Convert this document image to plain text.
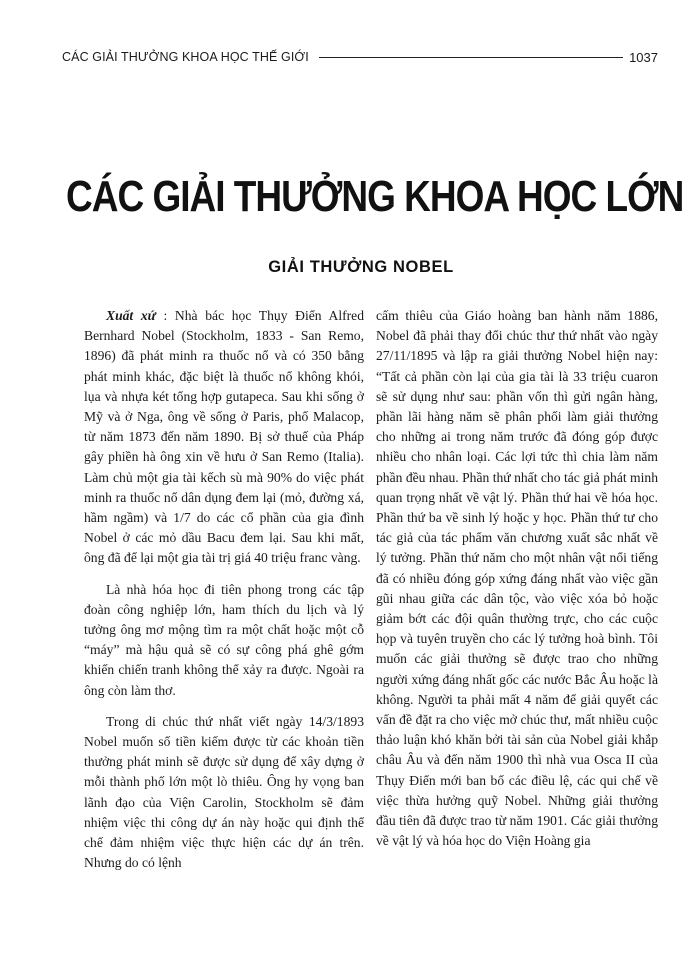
CÁC GIẢI THƯỞNG KHOA HỌC THẾ GIỚI	1037
CÁC GIẢI THƯỞNG KHOA HỌC LỚN
GIẢI THƯỞNG NOBEL

Xuất xứ : Nhà bác học Thụy Điển Alfred Bernhard Nobel (Stockholm, 1833 - San Remo, 1896) đã phát minh ra thuốc nổ và có 350 bằng phát minh khác, đặc biệt là thuốc nổ không khói, lụa và nhựa két tổng hợp gutapeca. Sau khi sống ở Mỹ và ở Nga, ông về sống ở Paris, phố Malacop, từ năm 1873 đến năm 1890. Bị sở thuế của Pháp gây phiền hà ông xin về hưu ở San Remo (Italia). Làm chủ một gia tài kếch sù mà 90% do việc phát minh ra thuốc nổ dân dụng đem lại (mỏ, đường xá, hầm ngầm) và 1/7 do các cổ phần của gia đình Nobel ở các mỏ dầu Bacu đem lại. Sau khi mất, ông đã để lại một gia tài trị giá 40 triệu franc vàng.

Là nhà hóa học đi tiên phong trong các tập đoàn công nghiệp lớn, ham thích du lịch và lý tưởng ông mơ mộng tìm ra một chất hoặc một cỗ “máy” mà hậu quả sẽ có sự công phá ghê gớm khiến chiến tranh không thể xảy ra được. Ngoài ra ông còn làm thơ.

Trong di chúc thứ nhất viết ngày 14/3/1893 Nobel muốn số tiền kiếm được từ các khoản tiền thưởng phát minh sẽ được sử dụng để xây dựng ở mỗi thành phố lớn một lò thiêu. Ông hy vọng ban lãnh đạo của Viện Carolin, Stockholm sẽ đảm nhiệm việc thi công dự án này hoặc qui định thể chế đảm nhiệm việc thực hiện các dự án trên. Nhưng do có lệnh

cấm thiêu của Giáo hoàng ban hành năm 1886, Nobel đã phải thay đổi chúc thư thứ nhất vào ngày 27/11/1895 và lập ra giải thưởng Nobel hiện nay: “Tất cả phần còn lại của gia tài là 33 triệu cuaron sẽ sử dụng như sau: phần vốn thì gửi ngân hàng, phần lãi hàng năm sẽ phân phối làm giải thưởng cho những ai trong năm trước đã đóng góp được nhiều cho nhân loại. Các lợi tức thì chia làm năm phần đều nhau. Phần thứ nhất cho tác giả phát minh quan trọng nhất về vật lý. Phần thứ hai về hóa học. Phần thứ ba về sinh lý hoặc y học. Phần thứ tư cho tác giả của tác phẩm văn chương xuất sắc nhất về lý tưởng. Phần thứ năm cho một nhân vật nổi tiếng đã có nhiều đóng góp xứng đáng nhất vào việc gần gũi nhau giữa các dân tộc, vào việc xóa bỏ hoặc giảm bớt các đội quân thường trực, cho các cuộc họp và tuyên truyền cho các lý tưởng hoà bình. Tôi muốn các giải thưởng sẽ được trao cho những người xứng đáng nhất gốc các nước Bắc Âu hoặc là không. Người ta phải mất 4 năm để giải quyết các vấn đề đặt ra cho việc mở chúc thư, mất nhiều cuộc thảo luận khó khăn bởi tài sản của Nobel giải khắp châu Âu và đến năm 1900 thì nhà vua Osca II của Thụy Điển mới ban bố các điều lệ, các qui chế về việc thừa hưởng quỹ Nobel. Những giải thưởng đầu tiên đã được trao từ năm 1901. Các giải thưởng về vật lý và hóa học do Viện Hoàng gia
